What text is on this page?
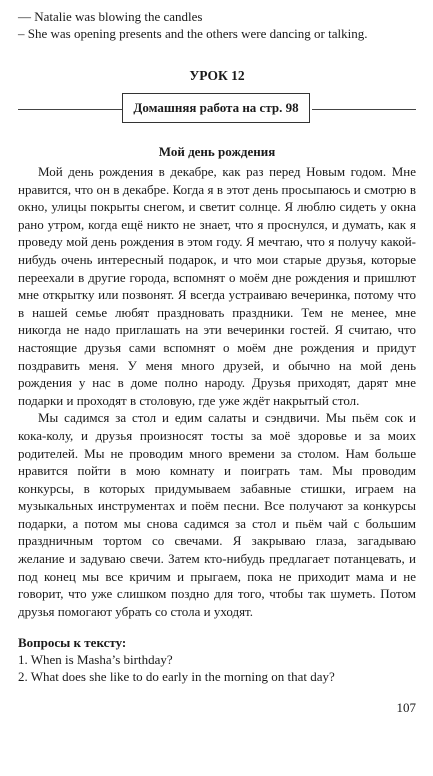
— Natalie was blowing the candles

– She was opening presents and the others were dancing or talking.

УРОК 12
Домашняя работа на стр. 98
Мой день рождения

Мой день рождения в декабре, как раз перед Новым годом. Мне нравится, что он в декабре. Когда я в этот день просыпаюсь и смотрю в окно, улицы покрыты снегом, и светит солнце. Я люблю сидеть у окна рано утром, когда ещё никто не знает, что я проснулся, и думать, как я проведу мой день рождения в этом году. Я мечтаю, что я получу какой-нибудь очень интересный подарок, и что мои старые друзья, которые переехали в другие города, вспомнят о моём дне рождения и пришлют мне открытку или позвонят. Я всегда устраиваю вечеринка, потому что в нашей семье любят праздновать праздники. Тем не менее, мне никогда не надо приглашать на эти вечеринки гостей. Я считаю, что настоящие друзья сами вспомнят о моём дне рождения и придут поздравить меня. У меня много друзей, и обычно на мой день рождения у нас в доме полно народу. Друзья приходят, дарят мне подарки и проходят в столовую, где уже ждёт накрытый стол.

Мы садимся за стол и едим салаты и сэндвичи. Мы пьём сок и кока-колу, и друзья произносят тосты за моё здоровье и за моих родителей. Мы не проводим много времени за столом. Нам больше нравится пойти в мою комнату и поиграть там. Мы проводим конкурсы, в которых придумываем забавные стишки, играем на музыкальных инструментах и поём песни. Все получают за конкурсы подарки, а потом мы снова садимся за стол и пьём чай с большим праздничным тортом со свечами. Я закрываю глаза, загадываю желание и задуваю свечи. Затем кто-нибудь предлагает потанцевать, и под конец мы все кричим и прыгаем, пока не приходит мама и не говорит, что уже слишком поздно для того, чтобы так шуметь. Потом друзья помогают убрать со стола и уходят.

Вопросы к тексту:

1. When is Masha’s birthday?

2. What does she like to do early in the morning on that day?

107
